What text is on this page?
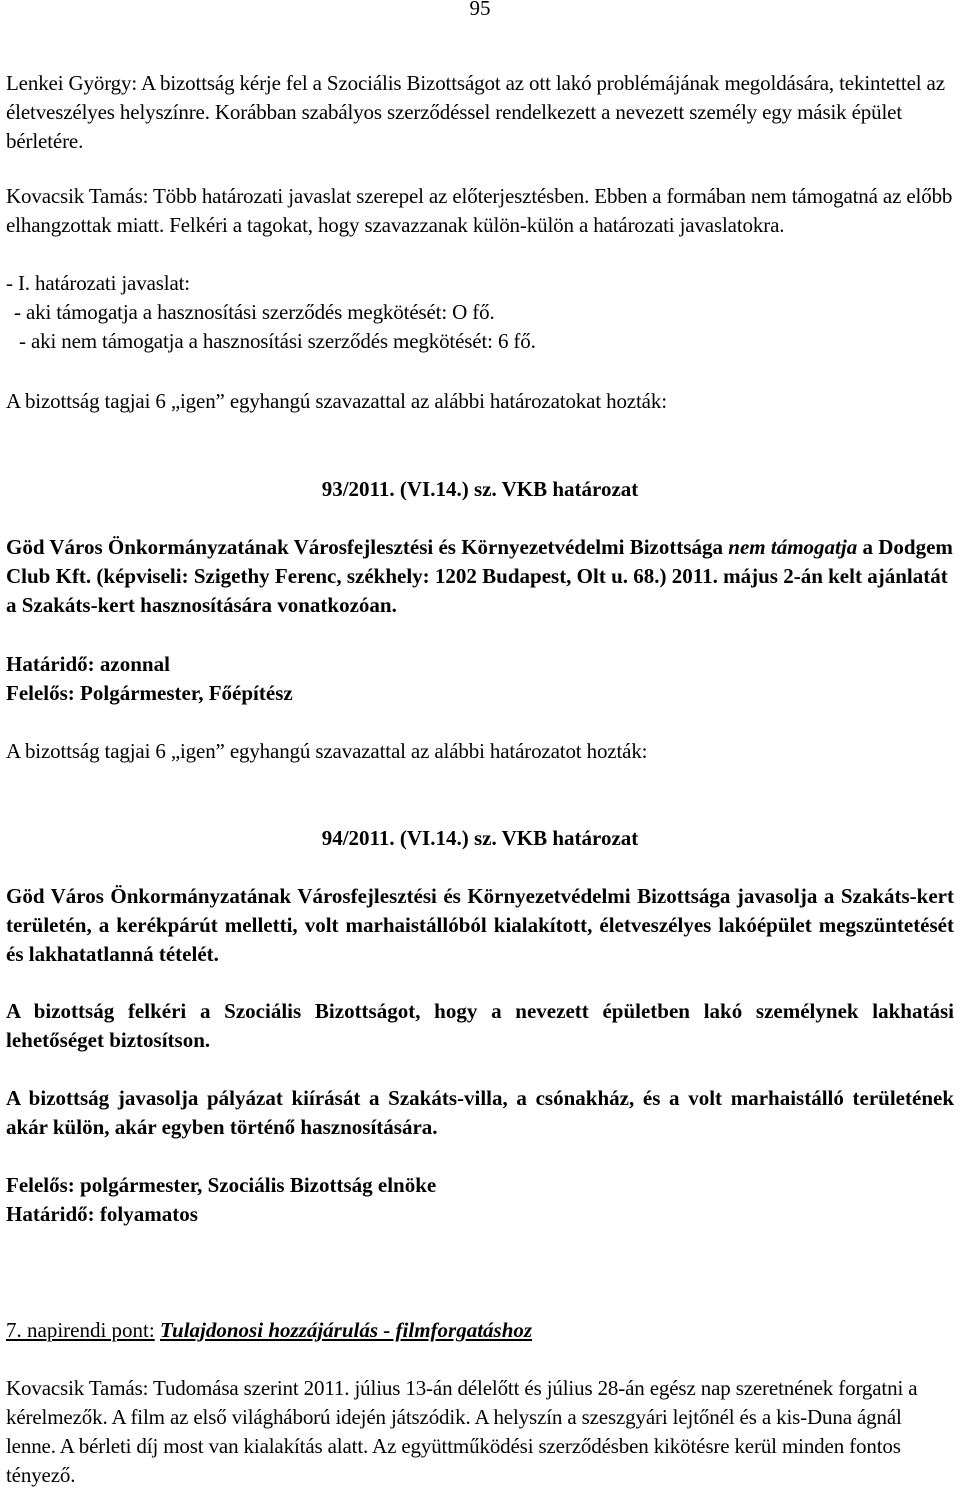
95

Lenkei György: A bizottság kérje fel a Szociális Bizottságot az ott lakó problémájának megoldására, tekintettel az életveszélyes helyszínre. Korábban szabályos szerződéssel rendelkezett a nevezett személy egy másik épület bérletére.

Kovacsik Tamás: Több határozati javaslat szerepel az előterjesztésben. Ebben a formában nem támogatná az előbb elhangzottak miatt. Felkéri a tagokat, hogy szavazzanak külön-külön a határozati javaslatokra.

- I. határozati javaslat:
- aki támogatja a hasznosítási szerződés megkötését: O fő.
- aki nem támogatja a hasznosítási szerződés megkötését: 6 fő.
A bizottság tagjai 6 „igen” egyhangú szavazattal az alábbi határozatokat hozták:
93/2011. (VI.14.) sz. VKB határozat

Göd Város Önkormányzatának Városfejlesztési és Környezetvédelmi Bizottsága nem támogatja a Dodgem Club Kft. (képviseli: Szigethy Ferenc, székhely: 1202 Budapest, Olt u. 68.) 2011. május 2-án kelt ajánlatát a Szakáts-kert hasznosítására vonatkozóan.

Határidő: azonnal
Felelős: Polgármester, Főépítész
A bizottság tagjai 6 „igen” egyhangú szavazattal az alábbi határozatot hozták:
94/2011. (VI.14.) sz. VKB határozat

Göd Város Önkormányzatának Városfejlesztési és Környezetvédelmi Bizottsága javasolja a Szakáts-kert területén, a kerékpárút melletti, volt marhaistállóból kialakított, életveszélyes lakóépület megszüntetését és lakhatatlanná tételét.

A bizottság felkéri a Szociális Bizottságot, hogy a nevezett épületben lakó személynek lakhatási lehetőséget biztosítson.

A bizottság javasolja pályázat kiírását a Szakáts-villa, a csónakház, és a volt marhaistálló területének akár külön, akár egyben történő hasznosítására.

Felelős: polgármester, Szociális Bizottság elnöke
Határidő: folyamatos
7. napirendi pont: Tulajdonosi hozzájárulás - filmforgatáshoz

Kovacsik Tamás: Tudomása szerint 2011. július 13-án délelőtt és július 28-án egész nap szeretnének forgatni a kérelmezők. A film az első világháború idején játszódik. A helyszín a szeszgyári lejtőnél és a kis-Duna ágnál lenne. A bérleti díj most van kialakítás alatt. Az együttműködési szerződésben kikötésre kerül minden fontos tényező.
